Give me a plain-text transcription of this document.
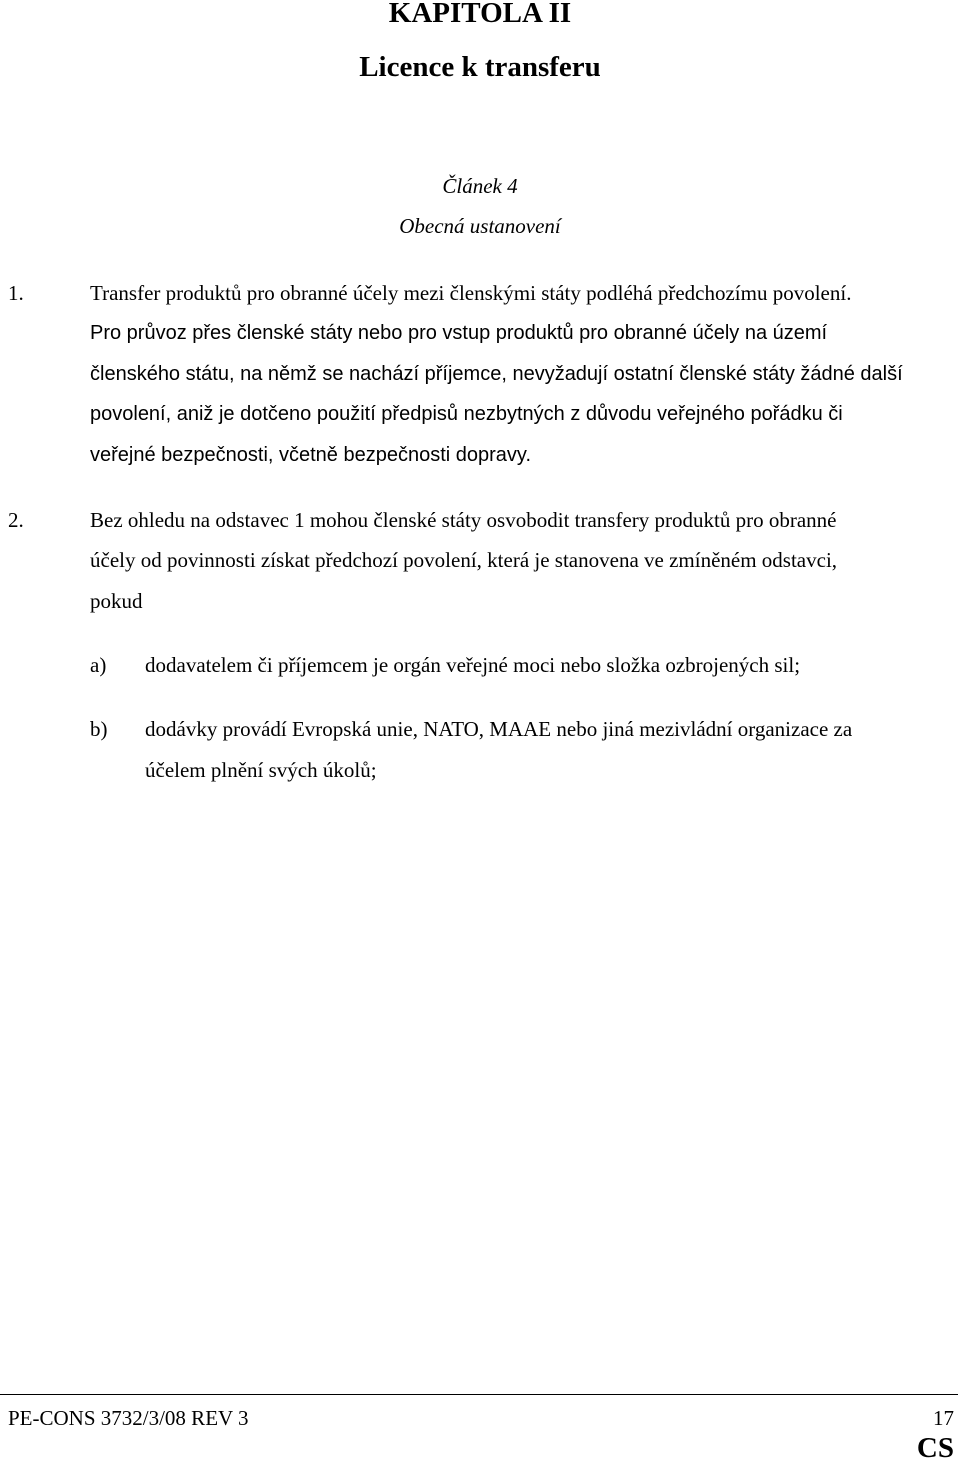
KAPITOLA II
Licence k transferu
Článek 4
Obecná ustanovení
1.	Transfer produktů pro obranné účely mezi členskými státy podléhá předchozímu povolení.
Pro průvoz přes členské státy nebo pro vstup produktů pro obranné účely na území
členského státu, na němž se nachází příjemce, nevyžadují ostatní členské státy žádné další
povolení, aniž je dotčeno použití předpisů nezbytných z důvodu veřejného pořádku či
veřejné bezpečnosti, včetně bezpečnosti dopravy.
2.	Bez ohledu na odstavec 1 mohou členské státy osvobodit transfery produktů pro obranné
účely od povinnosti získat předchozí povolení, která je stanovena ve zmíněném odstavci,
pokud
a) dodavatelem či příjemcem je orgán veřejné moci nebo složka ozbrojených sil;
b) dodávky provádí Evropská unie, NATO, MAAE nebo jiná mezivládní organizace za
účelem plnění svých úkolů;
PE-CONS 3732/3/08 REV 3	17
CS
